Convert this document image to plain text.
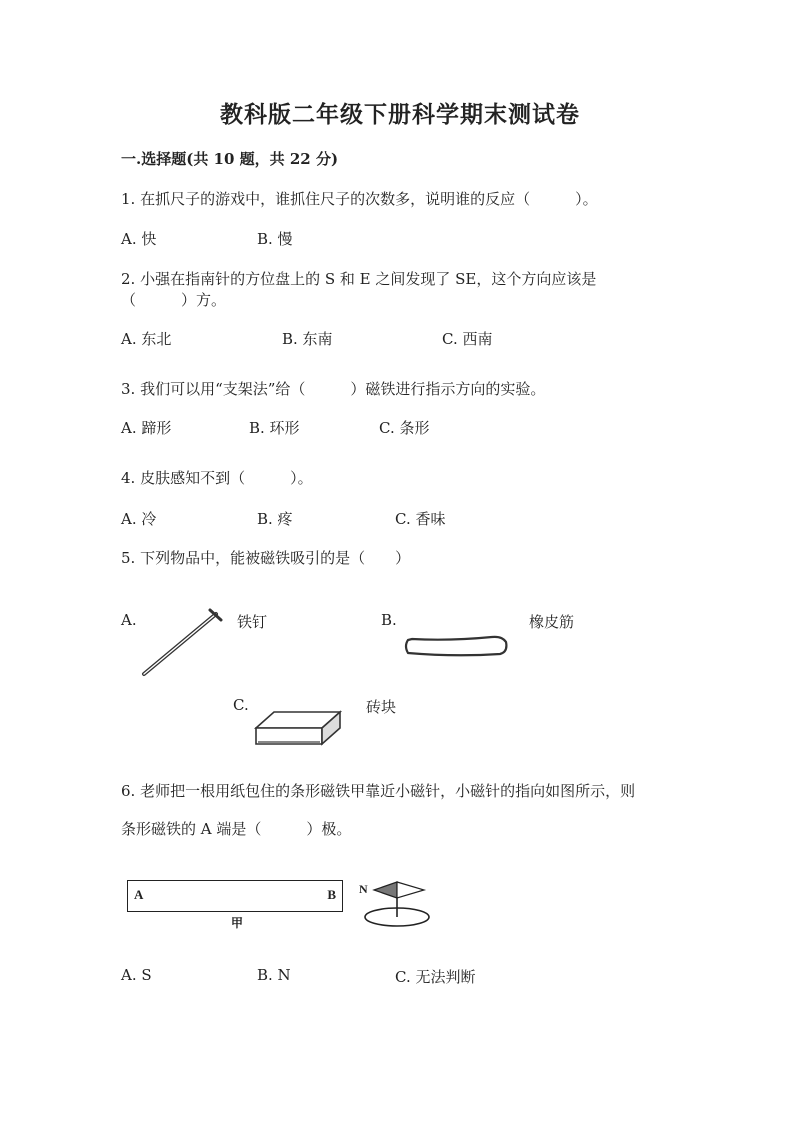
教科版二年级下册科学期末测试卷
一.选择题(共 10 题，共 22 分)
1. 在抓尺子的游戏中，谁抓住尺子的次数多，说明谁的反应（　　　）。
A. 快	B. 慢
2. 小强在指南针的方位盘上的 S 和 E 之间发现了 SE，这个方向应该是
（　　　）方。
A. 东北	B. 东南	C. 西南
3. 我们可以用“支架法”给（　　　）磁铁进行指示方向的实验。
A. 蹄形	B. 环形	C. 条形
4. 皮肤感知不到（　　　）。
A. 冷	B. 疼	C. 香味
5. 下列物品中，能被磁铁吸引的是（　　）
A.	铁钉	B.	橡皮筋
C.	砖块
6. 老师把一根用纸包住的条形磁铁甲靠近小磁针，小磁针的指向如图所示，则
条形磁铁的 A 端是（　　　）极。
A	B
甲
N
A. S	B. N	C. 无法判断
